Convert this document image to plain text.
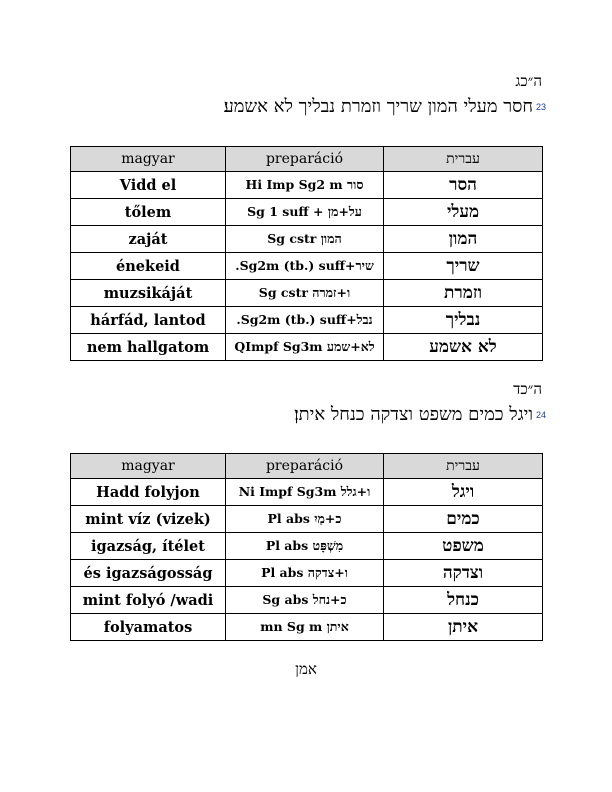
ה״כג
23חסר מעלי המון שריך וזמרת נבליך לא אשמע׃
magyar	preparáció	עברית
Vidd el	סור Hi Imp Sg2 m	הסר
tőlem	על+מן + Sg 1 suff	מעלי
zaját	המון Sg cstr	המון
énekeid	שיר+Sg2m (tb.) suff.	שריך
muzsikáját	ו+זמרה Sg cstr	וזמרת
hárfád, lantod	נבל+Sg2m (tb.) suff.	נבליך
nem hallgatom	לא+שמע QImpf Sg3m	לא אשמע
ה״כד
24ויגל כמים משפט וצדקה כנחל איתן׃
magyar	preparáció	עברית
Hadd folyjon	ו+גלל Ni Impf Sg3m	ויגל
mint víz (vizek)	כ+מַיִ Pl abs	כמים
igazság, ítélet	מִשְׁפָּט Pl abs	משפט
és igazságosság	ו+צדקה Pl abs	וצדקה
mint folyó /wadi	כ+נחל Sg abs	כנחל
folyamatos	איתן mn Sg m	איתן
אמן
